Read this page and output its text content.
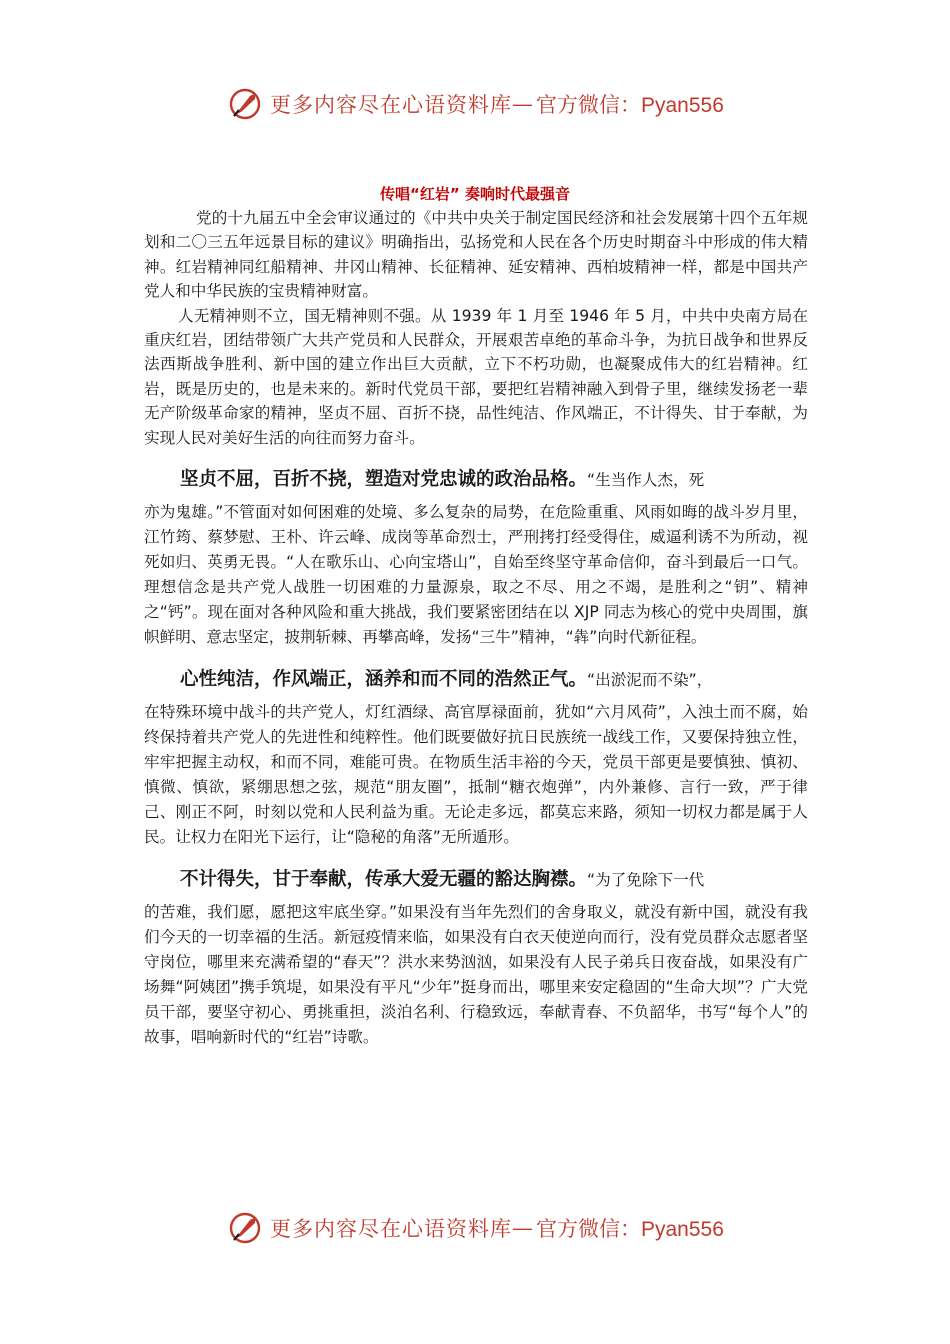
更多内容尽在心语资料库 — 官方微信：Pyan556
传唱“红岩” 奏响时代最强音

党的十九届五中全会审议通过的《中共中央关于制定国民经济和社会发展第十四个五年规划和二〇三五年远景目标的建议》明确指出，弘扬党和人民在各个历史时期奋斗中形成的伟大精神。红岩精神同红船精神、井冈山精神、长征精神、延安精神、西柏坡精神一样，都是中国共产党人和中华民族的宝贵精神财富。

人无精神则不立，国无精神则不强。从 1939 年 1 月至 1946 年 5 月，中共中央南方局在重庆红岩，团结带领广大共产党员和人民群众，开展艰苦卓绝的革命斗争，为抗日战争和世界反法西斯战争胜利、新中国的建立作出巨大贡献，立下不朽功勋，也凝聚成伟大的红岩精神。红岩，既是历史的，也是未来的。新时代党员干部，要把红岩精神融入到骨子里，继续发扬老一辈无产阶级革命家的精神，坚贞不屈、百折不挠，品性纯洁、作风端正，不计得失、甘于奉献，为实现人民对美好生活的向往而努力奋斗。

坚贞不屈，百折不挠，塑造对党忠诚的政治品格。“生当作人杰，死
亦为鬼雄。”不管面对如何困难的处境、多么复杂的局势，在危险重重、风雨如晦的战斗岁月里，江竹筠、蔡梦慰、王朴、许云峰、成岗等革命烈士，严刑拷打经受得住，威逼利诱不为所动，视死如归、英勇无畏。“人在歌乐山、心向宝塔山”，自始至终坚守革命信仰，奋斗到最后一口气。理想信念是共产党人战胜一切困难的力量源泉，取之不尽、用之不竭，是胜利之“钥”、精神之“钙”。现在面对各种风险和重大挑战，我们要紧密团结在以 XJP 同志为核心的党中央周围，旗帜鲜明、意志坚定，披荆斩棘、再攀高峰，发扬“三牛”精神，“犇”向时代新征程。

心性纯洁，作风端正，涵养和而不同的浩然正气。“出淤泥而不染”，
在特殊环境中战斗的共产党人，灯红酒绿、高官厚禄面前，犹如“六月风荷”，入浊土而不腐，始终保持着共产党人的先进性和纯粹性。他们既要做好抗日民族统一战线工作，又要保持独立性，牢牢把握主动权，和而不同，难能可贵。在物质生活丰裕的今天，党员干部更是要慎独、慎初、慎微、慎欲，紧绷思想之弦，规范“朋友圈”，抵制“糖衣炮弹”，内外兼修、言行一致，严于律己、刚正不阿，时刻以党和人民利益为重。无论走多远，都莫忘来路，须知一切权力都是属于人民。让权力在阳光下运行，让“隐秘的角落”无所遁形。

不计得失，甘于奉献，传承大爱无疆的豁达胸襟。“为了免除下一代
的苦难，我们愿，愿把这牢底坐穿。”如果没有当年先烈们的舍身取义，就没有新中国，就没有我们今天的一切幸福的生活。新冠疫情来临，如果没有白衣天使逆向而行，没有党员群众志愿者坚守岗位，哪里来充满希望的“春天”？洪水来势汹汹，如果没有人民子弟兵日夜奋战，如果没有广场舞“阿姨团”携手筑堤，如果没有平凡“少年”挺身而出，哪里来安定稳固的“生命大坝”？广大党员干部，要坚守初心、勇挑重担，淡泊名利、行稳致远，奉献青春、不负韶华，书写“每个人”的故事，唱响新时代的“红岩”诗歌。

更多内容尽在心语资料库 — 官方微信：Pyan556
